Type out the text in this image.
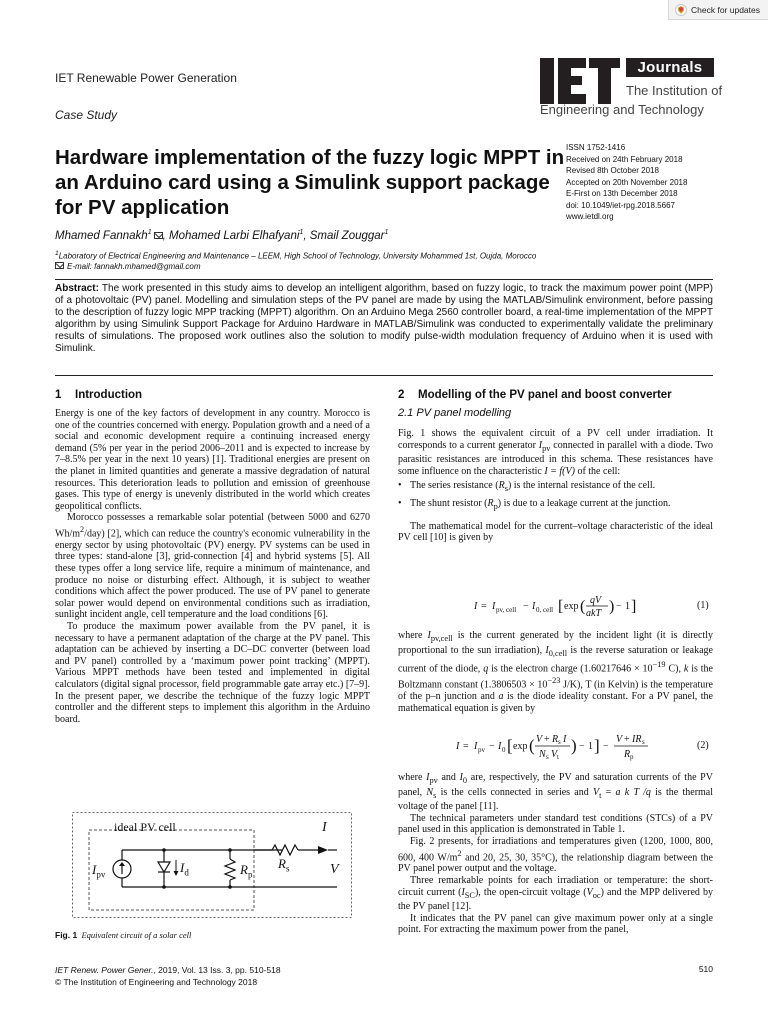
Check for updates
IET Renewable Power Generation
Case Study
Journals
The Institution of
Engineering and Technology
Hardware implementation of the fuzzy logic MPPT in an Arduino card using a Simulink support package for PV application
ISSN 1752-1416
Received on 24th February 2018
Revised 8th October 2018
Accepted on 20th November 2018
E-First on 13th December 2018
doi: 10.1049/iet-rpg.2018.5667
www.ietdl.org
Mhamed Fannakh$^1$ , Mohamed Larbi Elhafyani$^1$, Smail Zouggar$^1$
$^1$Laboratory of Electrical Engineering and Maintenance – LEEM, High School of Technology, University Mohammed 1st, Oujda, Morocco
E-mail: fannakh.mhamed@gmail.com
Abstract: The work presented in this study aims to develop an intelligent algorithm, based on fuzzy logic, to track the maximum power point (MPP) of a photovoltaic (PV) panel. Modelling and simulation steps of the PV panel are made by using the MATLAB/Simulink environment, before passing to the description of fuzzy logic MPP tracking (MPPT) algorithm. On an Arduino Mega 2560 controller board, a real-time implementation of the MPPT algorithm by using Simulink Support Package for Arduino Hardware in MATLAB/Simulink was conducted to experimentally validate the preliminary results of simulations. The proposed work outlines also the solution to modify pulse-width modulation frequency of Arduino when it is used with Simulink.
1 Introduction

Energy is one of the key factors of development in any country. Morocco is one of the countries concerned with energy. Population growth and a need of a social and economic development require a continuing increased energy demand (5% per year in the period 2006–2011 and is expected to increase by 7–8.5% per year in the next 10 years) [1]. Traditional energies are present on the planet in limited quantities and generate a massive degradation of natural resources. This deterioration leads to pollution and emission of greenhouse gases. This type of energy is unevenly distributed in the world which creates geopolitical conflicts.

Morocco possesses a remarkable solar potential (between 5000 and 6270 $Wh/m^2/day$) [2], which can reduce the country's economic vulnerability in the energy sector by using photovoltaic (PV) energy. PV systems can be used in three types: stand-alone [3], grid-connection [4] and hybrid systems [5]. All these types offer a long service life, require a minimum of maintenance, and produce no noise or disturbing effect. Although, it is subject to weather conditions which affect the power produced. The use of PV panel to generate solar power would depend on environmental conditions such as irradiation, sunlight incident angle, cell temperature and the load conditions [6].

To produce the maximum power available from the PV panel, it is necessary to have a permanent adaptation of the charge at the PV panel. This adaptation can be achieved by inserting a DC–DC converter (between load and PV panel) controlled by a ‘maximum power point tracking’ (MPPT). Various MPPT methods have been tested and implemented in digital calculators (digital signal processor, field programmable gate array etc.) [7–9]. In the present paper, we describe the technique of the fuzzy logic MPPT controller and the different steps to implement this algorithm in the Arduino board.

ideal PV cell	I
V
$I_{pv}$	$I_d$	$R_p$
$R_s$
Fig. 1 Equivalent circuit of a solar cell
2 Modelling of the PV panel and boost converter
2.1 PV panel modelling

Fig. 1 shows the equivalent circuit of a PV cell under irradiation. It corresponds to a current generator $I_{pv}$ connected in parallel with a diode. Two parasitic resistances are introduced in this schema. These resistances have some influence on the characteristic I = f(V) of the cell:

• The series resistance $(R_s)$ is the internal resistance of the cell.
• The shunt resistor $(R_p)$ is due to a leakage current at the junction.

The mathematical model for the current–voltage characteristic of the ideal PV cell [10] is given by

I = I pv, cell − I 0, cell [ exp ( qV
akT ) − 1 ]	(1)

where $I_{pv,cell}$ is the current generated by the incident light (it is directly proportional to the sun irradiation), $I_{0,cell}$ is the reverse saturation or leakage current of the diode, q is the electron charge ($1.60217646 \times 10^{-19}$ C), k is the Boltzmann constant ($1.3806503 \times 10^{-23}$ J/K), T (in Kelvin) is the temperature of the p–n junction and a is the diode ideality constant. For a PV panel, the mathematical equation is given by

I = I pv − I 0 [ exp ( V + R s I
N s V t
) − 1 ] −
V + IR s
R p
(2)

where $I_{pv}$ and $I_0$ are, respectively, the PV and saturation currents of the PV panel, $N_s$ is the cells connected in series and $V_t = a$ k T /q is the thermal voltage of the panel [11].

The technical parameters under standard test conditions (STCs) of a PV panel used in this application is demonstrated in Table 1.

Fig. 2 presents, for irradiations and temperatures given (1200, 1000, 800, 600, 400 $W/m^2$ and 20, 25, 30, 35°C), the relationship diagram between the PV panel power output and the voltage.

Three remarkable points for each irradiation or temperature: the short-circuit current $(I_{SC})$, the open-circuit voltage $(V_{oc})$ and the MPP delivered by the PV panel [12].

It indicates that the PV panel can give maximum power only at a single point. For extracting the maximum power from the panel,

IET Renew. Power Gener., 2019, Vol. 13 Iss. 3, pp. 510-518
© The Institution of Engineering and Technology 2018
510
